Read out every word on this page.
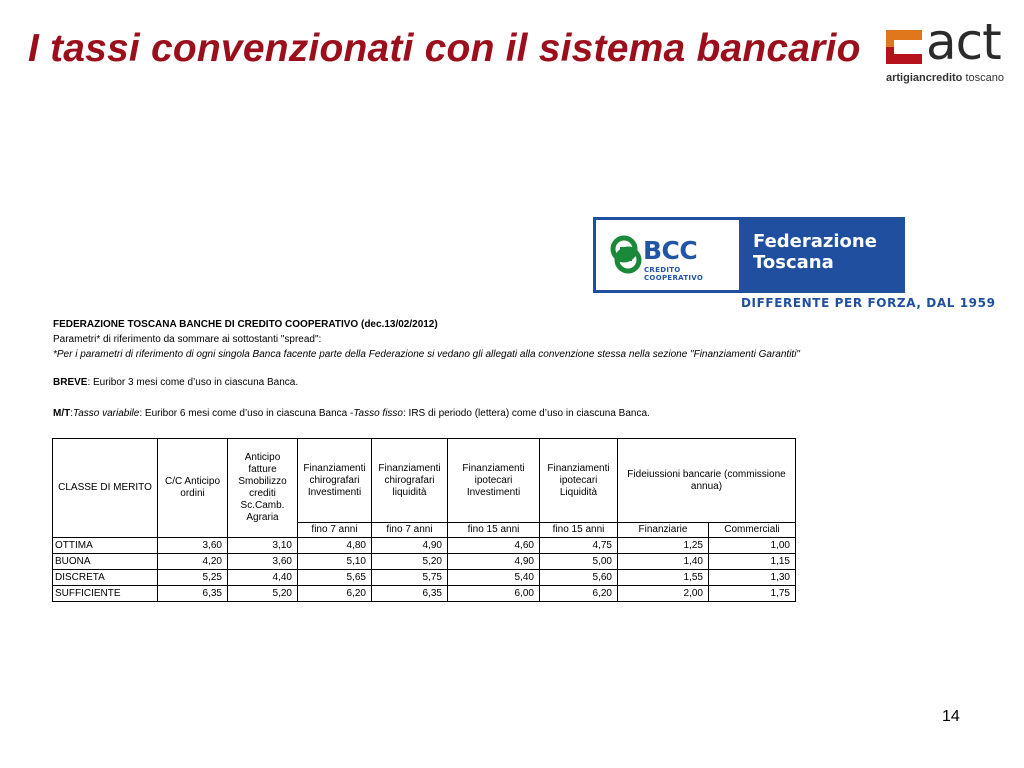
I tassi convenzionati con il sistema bancario act
artigiancredito toscano
BCC
CREDITO COOPERATIVO
Federazione
Toscana
DIFFERENTE PER FORZA, DAL 1959
FEDERAZIONE TOSCANA BANCHE DI CREDITO COOPERATIVO (dec.13/02/2012)
Parametri* di riferimento da sommare ai sottostanti "spread":
*Per i parametri di riferimento di ogni singola Banca facente parte della Federazione si vedano gli allegati alla convenzione stessa nella sezione "Finanziamenti Garantiti"
BREVE: Euribor 3 mesi come d’uso in ciascuna Banca.
M/T:Tasso variabile: Euribor 6 mesi come d’uso in ciascuna Banca -Tasso fisso: IRS di periodo (lettera) come d’uso in ciascuna Banca.
CLASSE DI MERITO	C/C Anticipo ordini	Anticipo fatture Smobilizzo crediti Sc.Camb. Agraria	Finanziamenti chirografari Investimenti	Finanziamenti chirografari liquidità	Finanziamenti ipotecari Investimenti	Finanziamenti ipotecari Liquidità	Fideiussioni bancarie (commissione annua)	
			fino 7 anni	fino 7 anni	fino 15 anni	fino 15 anni	Finanziarie	Commerciali
OTTIMA	3,60	3,10	4,80	4,90	4,60	4,75	1,25	1,00
BUONA	4,20	3,60	5,10	5,20	4,90	5,00	1,40	1,15
DISCRETA	5,25	4,40	5,65	5,75	5,40	5,60	1,55	1,30
SUFFICIENTE	6,35	5,20	6,20	6,35	6,00	6,20	2,00	1,75
14
